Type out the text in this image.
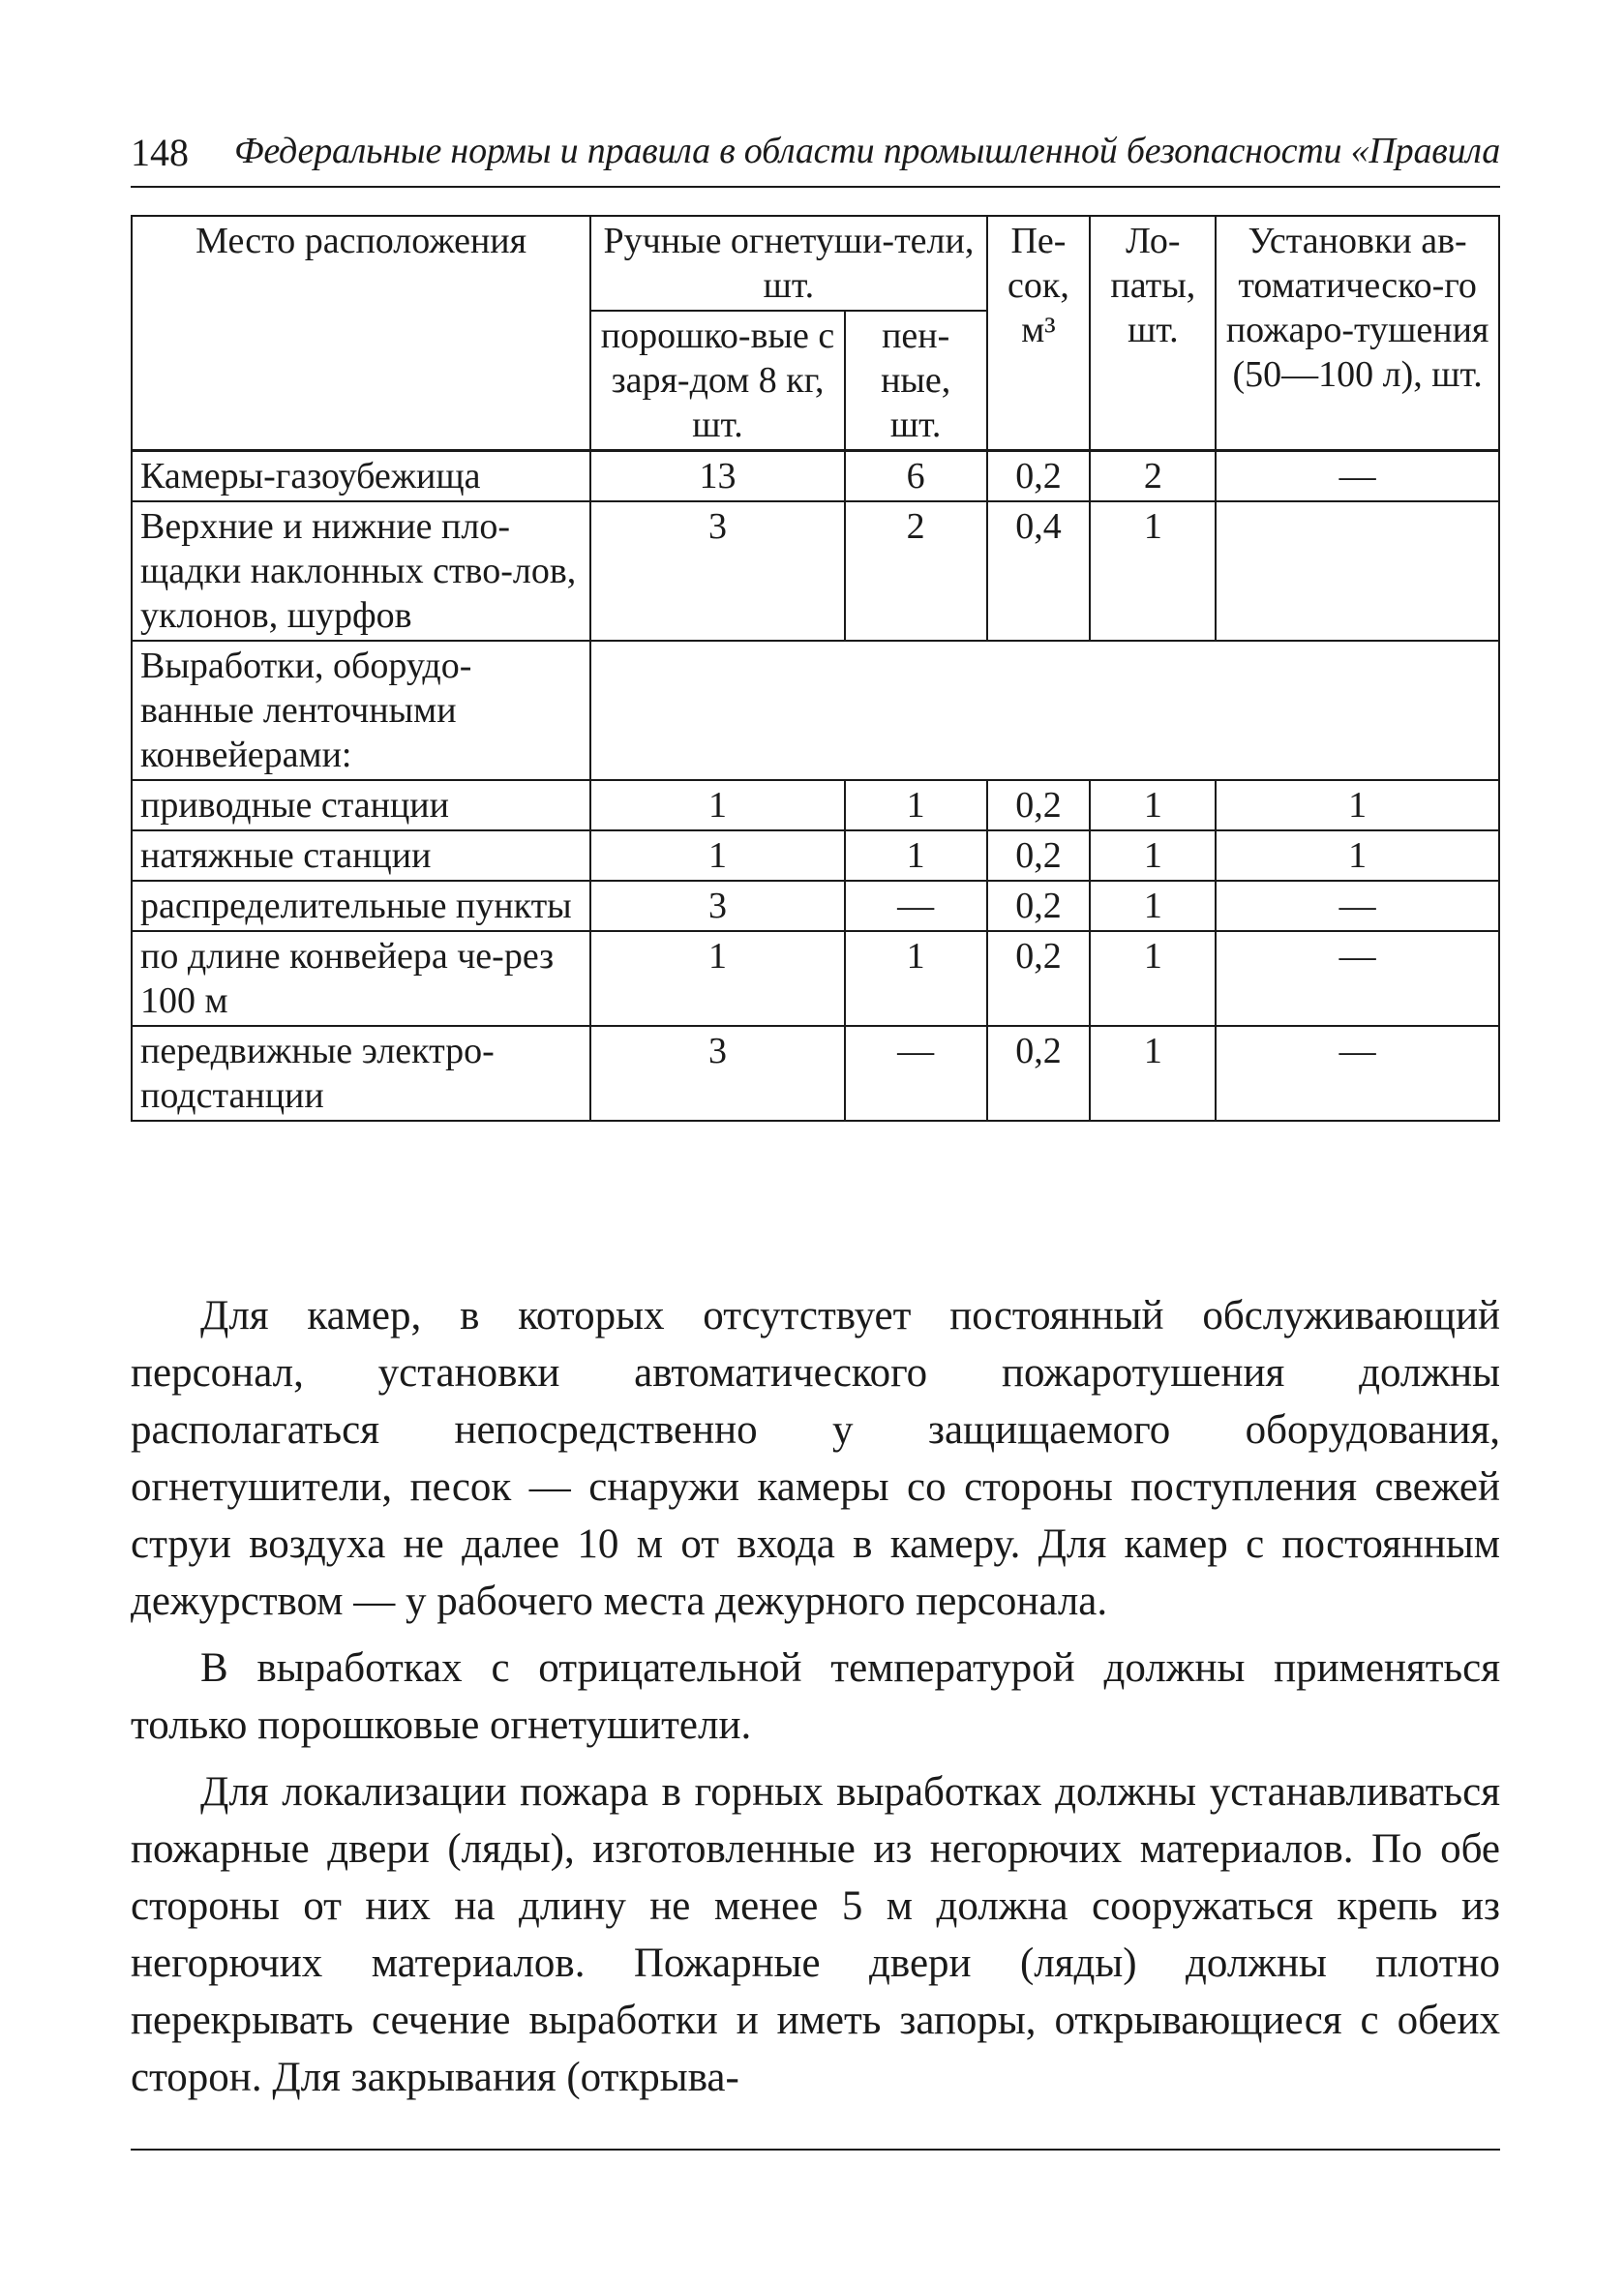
148 Федеральные нормы и правила в области промышленной безопасности «Правила
Место расположения	Ручные огнетуши-тели, шт.		Пе-сок, м³	Ло-паты, шт.	Установки ав-томатическо-го пожаро-тушения (50—100 л), шт.
	порошко-вые с заря-дом 8 кг, шт.	пен-ные, шт.			
Камеры-газоубежища	13	6	0,2	2	—
Верхние и нижние пло-щадки наклонных ство-лов, уклонов, шурфов	3	2	0,4	1	
Выработки, оборудо-ванные ленточными конвейерами:					
приводные станции	1	1	0,2	1	1
натяжные станции	1	1	0,2	1	1
распределительные пункты	3	—	0,2	1	—
по длине конвейера че-рез 100 м	1	1	0,2	1	—
передвижные электро-подстанции	3	—	0,2	1	—

Для камер, в которых отсутствует постоянный обслуживающий персонал, установки автоматического пожаротушения должны располагаться непосредственно у защищаемого оборудования, огнетушители, песок — снаружи камеры со стороны поступления свежей струи воздуха не далее 10 м от входа в камеру. Для камер с постоянным дежурством — у рабочего места дежурного персонала.

В выработках с отрицательной температурой должны применяться только порошковые огнетушители.

Для локализации пожара в горных выработках должны устанавливаться пожарные двери (ляды), изготовленные из негорючих материалов. По обе стороны от них на длину не менее 5 м должна сооружаться крепь из негорючих материалов. Пожарные двери (ляды) должны плотно перекрывать сечение выработки и иметь запоры, открывающиеся с обеих сторон. Для закрывания (открыва-
